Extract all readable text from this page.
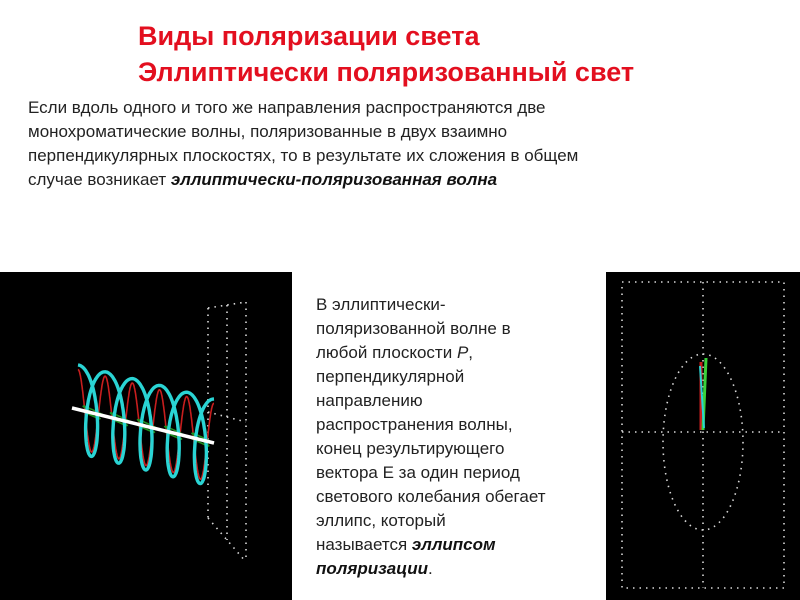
Виды поляризации света
Эллиптически поляризованный свет
Если вдоль одного и того же направления распространяются две
монохроматические волны, поляризованные в двух взаимно
перпендикулярных плоскостях, то в результате их сложения в общем
случае возникает эллиптически-поляризованная волна
В эллиптически-
поляризованной волне в
любой плоскости Р,
перпендикулярной
направлению
распространения волны,
конец результирующего
вектора Е за один период
светового колебания обегает
эллипс, который
называется эллипсом
поляризации.
